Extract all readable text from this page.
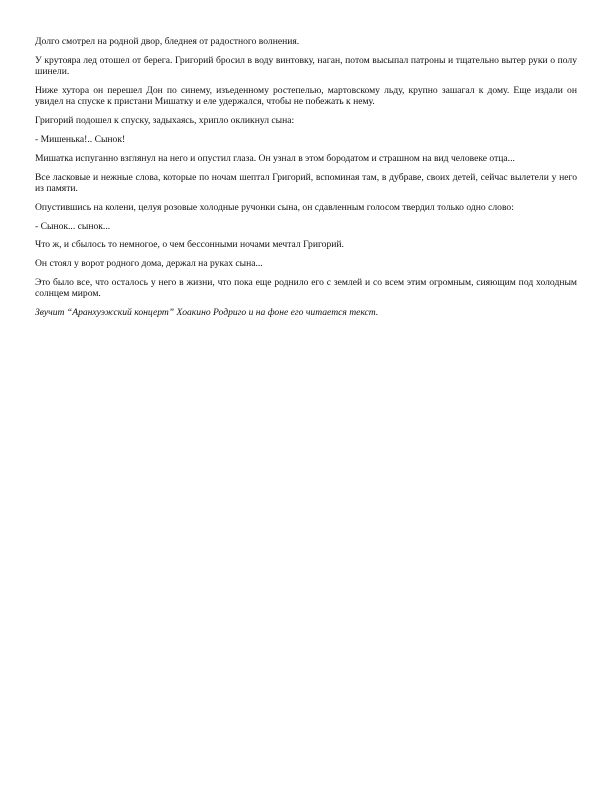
Долго смотрел на родной двор, бледнея от радостного волнения.

У крутояра лед отошел от берега. Григорий бросил в воду винтовку, наган, потом высыпал патроны и тщательно вытер руки о полу шинели.

Ниже хутора он перешел Дон по синему, изъеденному ростепелью, мартовскому льду, крупно зашагал к дому. Еще издали он увидел на спуске к пристани Мишатку и еле удержался, чтобы не побежать к нему.

Григорий подошел к спуску, задыхаясь, хрипло окликнул сына:

- Мишенька!.. Сынок!

Мишатка испуганно взглянул на него и опустил глаза. Он узнал в этом бородатом и страшном на вид человеке отца...

Все ласковые и нежные слова, которые по ночам шептал Григорий, вспоминая там, в дубраве, своих детей, сейчас вылетели у него из памяти.

Опустившись на колени, целуя розовые холодные ручонки сына, он сдавленным голосом твердил только одно слово:

- Сынок... сынок...

Что ж, и сбылось то немногое, о чем бессонными ночами мечтал Григорий.

Он стоял у ворот родного дома, держал на руках сына...

Это было все, что осталось у него в жизни, что пока еще роднило его с землей и со всем этим огромным, сияющим под холодным солнцем миром.

Звучит “Аранхуэжский концерт” Хоакино Родриго и на фоне его читается текст.
